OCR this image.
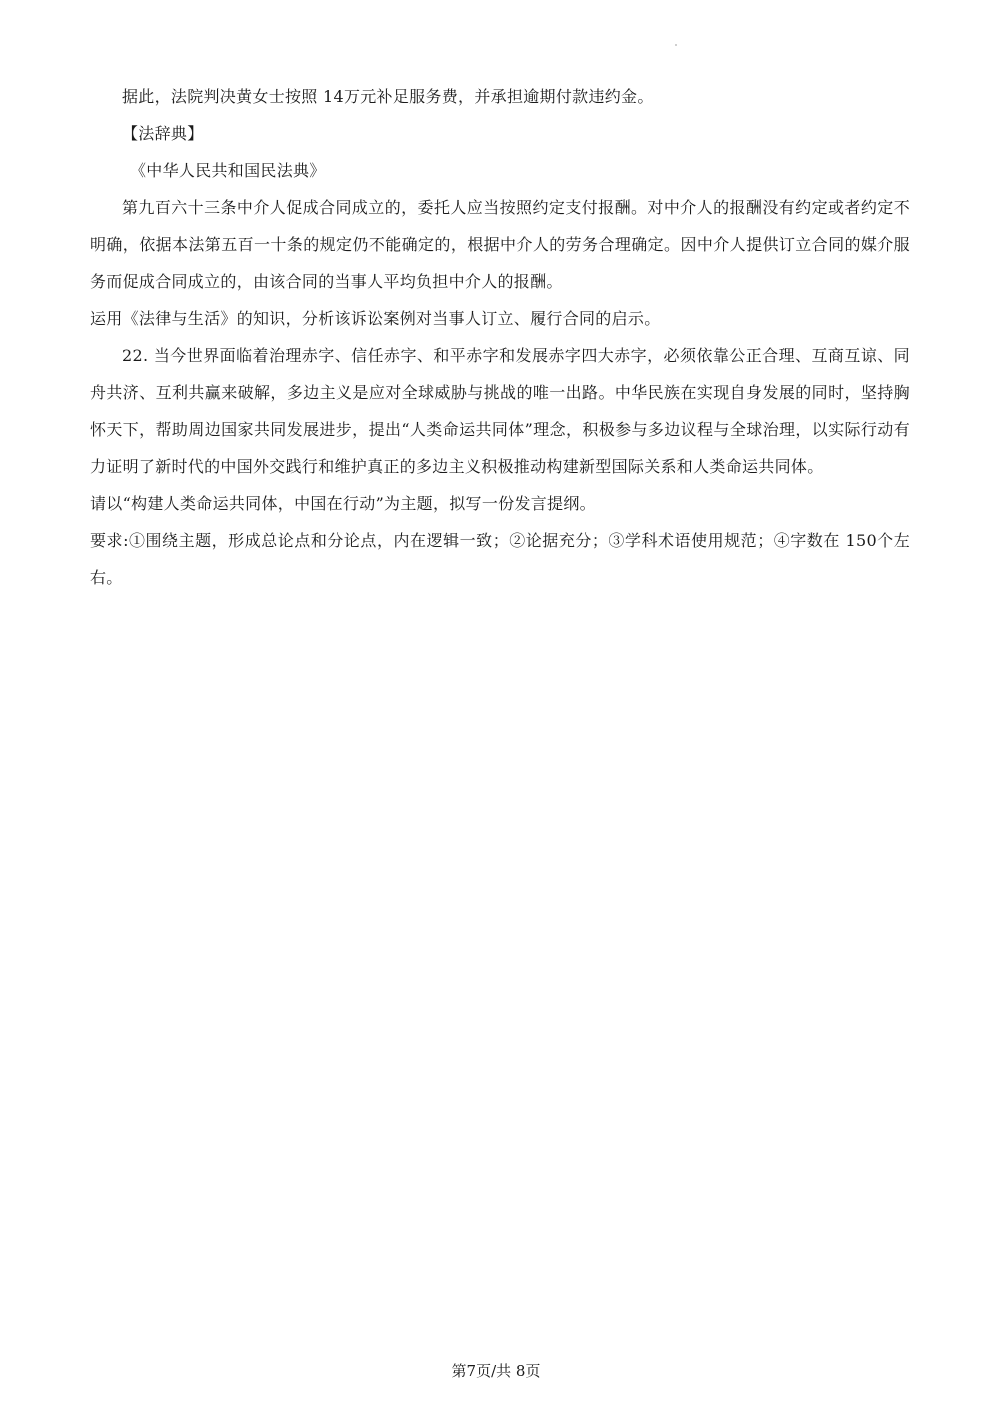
据此，法院判决黄女士按照 14万元补足服务费，并承担逾期付款违约金。

【法辞典】

《中华人民共和国民法典》

第九百六十三条中介人促成合同成立的，委托人应当按照约定支付报酬。对中介人的报酬没有约定或者约定不明确，依据本法第五百一十条的规定仍不能确定的，根据中介人的劳务合理确定。因中介人提供订立合同的媒介服务而促成合同成立的，由该合同的当事人平均负担中介人的报酬。

运用《法律与生活》的知识，分析该诉讼案例对当事人订立、履行合同的启示。

22. 当今世界面临着治理赤字、信任赤字、和平赤字和发展赤字四大赤字，必须依靠公正合理、互商互谅、同舟共济、互利共赢来破解，多边主义是应对全球威胁与挑战的唯一出路。中华民族在实现自身发展的同时，坚持胸怀天下，帮助周边国家共同发展进步，提出“人类命运共同体”理念，积极参与多边议程与全球治理，以实际行动有力证明了新时代的中国外交践行和维护真正的多边主义积极推动构建新型国际关系和人类命运共同体。

请以“构建人类命运共同体，中国在行动”为主题，拟写一份发言提纲。

要求:①围绕主题，形成总论点和分论点，内在逻辑一致；②论据充分；③学科术语使用规范；④字数在 150个左右。

第7页/共 8页
